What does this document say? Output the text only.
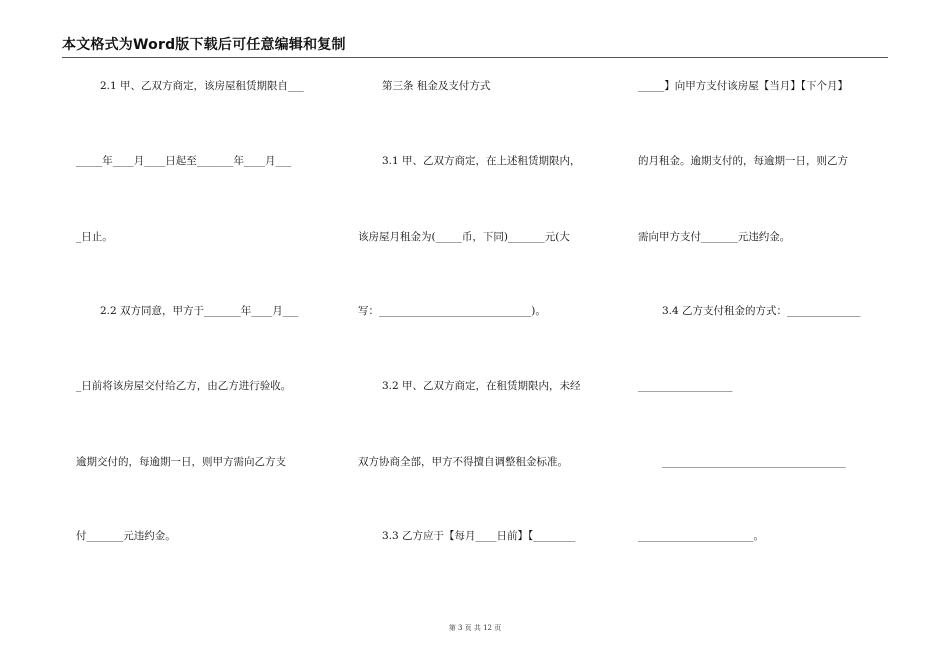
本文格式为Word版下载后可任意编辑和复制
2.1 甲、乙双方商定，该房屋租赁期限自___
_____年____月____日起至_______年____月___
_日止。
2.2 双方同意，甲方于_______年____月___
_日前将该房屋交付给乙方，由乙方进行验收。
逾期交付的，每逾期一日，则甲方需向乙方支
付_______元违约金。
第三条 租金及支付方式
3.1 甲、乙双方商定，在上述租赁期限内，
该房屋月租金为(_____币，下同)_______元(大
写：_____________________________)。
3.2 甲、乙双方商定，在租赁期限内，未经
双方协商全部，甲方不得擅自调整租金标准。
3.3 乙方应于【每月____日前】【________
_____】向甲方支付该房屋【当月】【下个月】
的月租金。逾期支付的，每逾期一日，则乙方
需向甲方支付_______元违约金。
3.4 乙方支付租金的方式：______________
__________________
___________________________________
______________________。
第 3 页 共 12 页
